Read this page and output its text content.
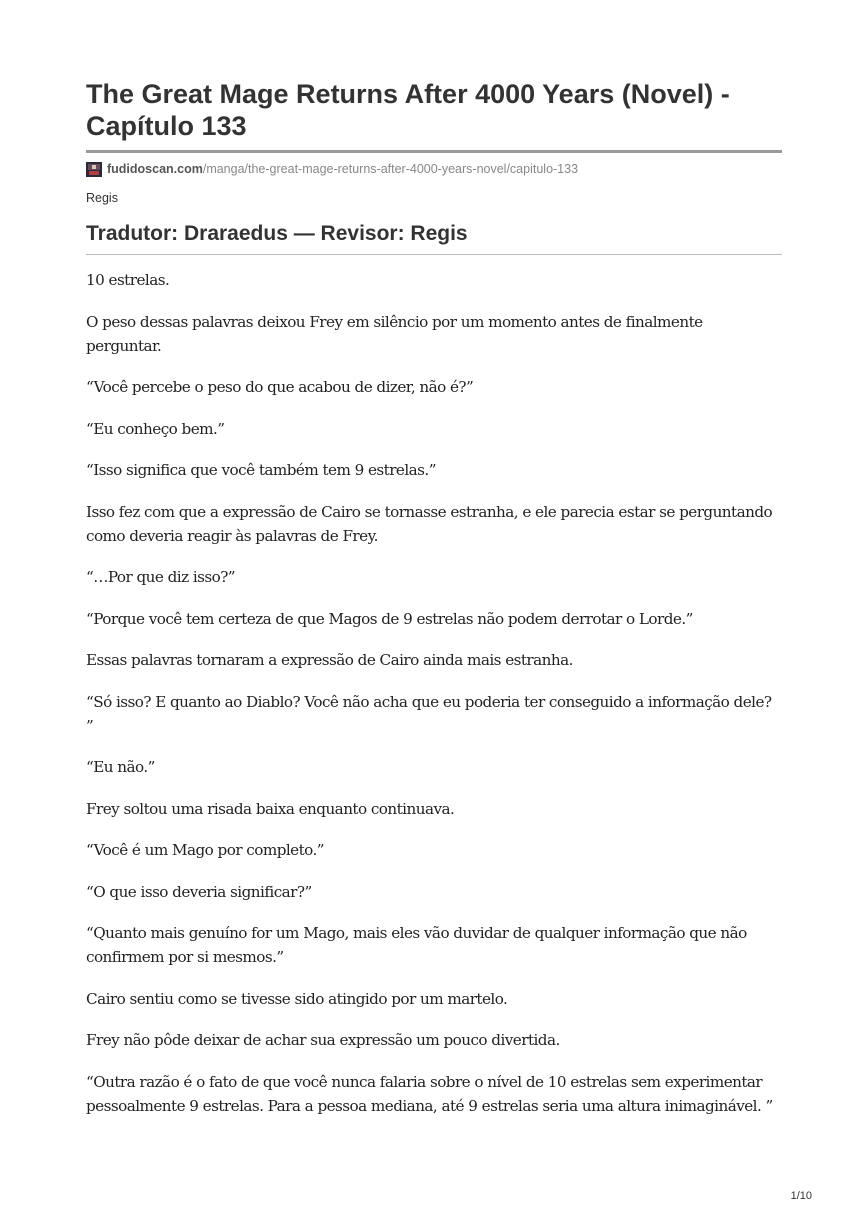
The Great Mage Returns After 4000 Years (Novel) - Capítulo 133
fudidoscan.com /manga/the-great-mage-returns-after-4000-years-novel/capitulo-133
Regis
Tradutor: Draraedus — Revisor: Regis

10 estrelas.

O peso dessas palavras deixou Frey em silêncio por um momento antes de finalmente perguntar.

“Você percebe o peso do que acabou de dizer, não é?”

“Eu conheço bem.”

“Isso significa que você também tem 9 estrelas.”

Isso fez com que a expressão de Cairo se tornasse estranha, e ele parecia estar se perguntando como deveria reagir às palavras de Frey.

“…Por que diz isso?”

“Porque você tem certeza de que Magos de 9 estrelas não podem derrotar o Lorde.”

Essas palavras tornaram a expressão de Cairo ainda mais estranha.

“Só isso? E quanto ao Diablo? Você não acha que eu poderia ter conseguido a informação dele? ”

“Eu não.”

Frey soltou uma risada baixa enquanto continuava.

“Você é um Mago por completo.”

“O que isso deveria significar?”

“Quanto mais genuíno for um Mago, mais eles vão duvidar de qualquer informação que não confirmem por si mesmos.”

Cairo sentiu como se tivesse sido atingido por um martelo.

Frey não pôde deixar de achar sua expressão um pouco divertida.

“Outra razão é o fato de que você nunca falaria sobre o nível de 10 estrelas sem experimentar pessoalmente 9 estrelas. Para a pessoa mediana, até 9 estrelas seria uma altura inimaginável. ”

1/10
